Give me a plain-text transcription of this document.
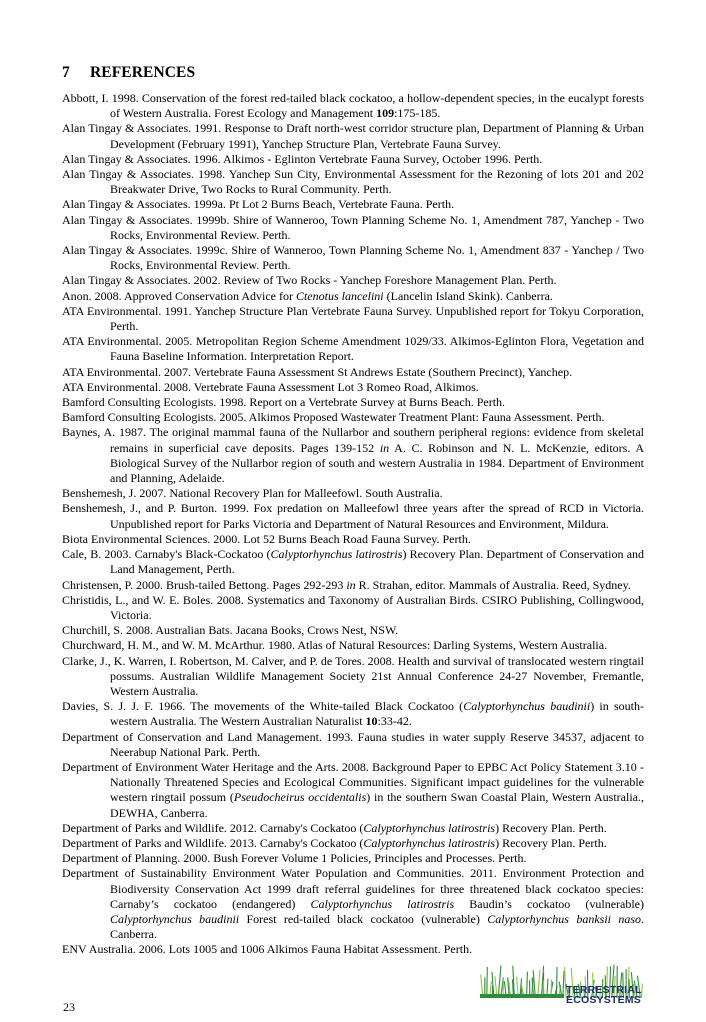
7 REFERENCES
Abbott, I. 1998. Conservation of the forest red-tailed black cockatoo, a hollow-dependent species, in the eucalypt forests of Western Australia. Forest Ecology and Management 109:175-185.
Alan Tingay & Associates. 1991. Response to Draft north-west corridor structure plan, Department of Planning & Urban Development (February 1991), Yanchep Structure Plan, Vertebrate Fauna Survey.
Alan Tingay & Associates. 1996. Alkimos - Eglinton Vertebrate Fauna Survey, October 1996. Perth.
Alan Tingay & Associates. 1998. Yanchep Sun City, Environmental Assessment for the Rezoning of lots 201 and 202 Breakwater Drive, Two Rocks to Rural Community. Perth.
Alan Tingay & Associates. 1999a. Pt Lot 2 Burns Beach, Vertebrate Fauna. Perth.
Alan Tingay & Associates. 1999b. Shire of Wanneroo, Town Planning Scheme No. 1, Amendment 787, Yanchep - Two Rocks, Environmental Review. Perth.
Alan Tingay & Associates. 1999c. Shire of Wanneroo, Town Planning Scheme No. 1, Amendment 837 - Yanchep / Two Rocks, Environmental Review. Perth.
Alan Tingay & Associates. 2002. Review of Two Rocks - Yanchep Foreshore Management Plan. Perth.
Anon. 2008. Approved Conservation Advice for Ctenotus lancelini (Lancelin Island Skink). Canberra.
ATA Environmental. 1991. Yanchep Structure Plan Vertebrate Fauna Survey. Unpublished report for Tokyu Corporation, Perth.
ATA Environmental. 2005. Metropolitan Region Scheme Amendment 1029/33. Alkimos-Eglinton Flora, Vegetation and Fauna Baseline Information. Interpretation Report.
ATA Environmental. 2007. Vertebrate Fauna Assessment St Andrews Estate (Southern Precinct), Yanchep.
ATA Environmental. 2008. Vertebrate Fauna Assessment Lot 3 Romeo Road, Alkimos.
Bamford Consulting Ecologists. 1998. Report on a Vertebrate Survey at Burns Beach. Perth.
Bamford Consulting Ecologists. 2005. Alkimos Proposed Wastewater Treatment Plant: Fauna Assessment. Perth.
Baynes, A. 1987. The original mammal fauna of the Nullarbor and southern peripheral regions: evidence from skeletal remains in superficial cave deposits. Pages 139-152 in A. C. Robinson and N. L. McKenzie, editors. A Biological Survey of the Nullarbor region of south and western Australia in 1984. Department of Environment and Planning, Adelaide.
Benshemesh, J. 2007. National Recovery Plan for Malleefowl. South Australia.
Benshemesh, J., and P. Burton. 1999. Fox predation on Malleefowl three years after the spread of RCD in Victoria. Unpublished report for Parks Victoria and Department of Natural Resources and Environment, Mildura.
Biota Environmental Sciences. 2000. Lot 52 Burns Beach Road Fauna Survey. Perth.
Cale, B. 2003. Carnaby's Black-Cockatoo (Calyptorhynchus latirostris) Recovery Plan. Department of Conservation and Land Management, Perth.
Christensen, P. 2000. Brush-tailed Bettong. Pages 292-293 in R. Strahan, editor. Mammals of Australia. Reed, Sydney.
Christidis, L., and W. E. Boles. 2008. Systematics and Taxonomy of Australian Birds. CSIRO Publishing, Collingwood, Victoria.
Churchill, S. 2008. Australian Bats. Jacana Books, Crows Nest, NSW.
Churchward, H. M., and W. M. McArthur. 1980. Atlas of Natural Resources: Darling Systems, Western Australia.
Clarke, J., K. Warren, I. Robertson, M. Calver, and P. de Tores. 2008. Health and survival of translocated western ringtail possums. Australian Wildlife Management Society 21st Annual Conference 24-27 November, Fremantle, Western Australia.
Davies, S. J. J. F. 1966. The movements of the White-tailed Black Cockatoo (Calyptorhynchus baudinii) in south-western Australia. The Western Australian Naturalist 10:33-42.
Department of Conservation and Land Management. 1993. Fauna studies in water supply Reserve 34537, adjacent to Neerabup National Park. Perth.
Department of Environment Water Heritage and the Arts. 2008. Background Paper to EPBC Act Policy Statement 3.10 - Nationally Threatened Species and Ecological Communities. Significant impact guidelines for the vulnerable western ringtail possum (Pseudocheirus occidentalis) in the southern Swan Coastal Plain, Western Australia., DEWHA, Canberra.
Department of Parks and Wildlife. 2012. Carnaby's Cockatoo (Calyptorhynchus latirostris) Recovery Plan. Perth.
Department of Parks and Wildlife. 2013. Carnaby's Cockatoo (Calyptorhynchus latirostris) Recovery Plan. Perth.
Department of Planning. 2000. Bush Forever Volume 1 Policies, Principles and Processes. Perth.
Department of Sustainability Environment Water Population and Communities. 2011. Environment Protection and Biodiversity Conservation Act 1999 draft referral guidelines for three threatened black cockatoo species: Carnaby’s cockatoo (endangered) Calyptorhynchus latirostris Baudin’s cockatoo (vulnerable) Calyptorhynchus baudinii Forest red-tailed black cockatoo (vulnerable) Calyptorhynchus banksii naso. Canberra.
ENV Australia. 2006. Lots 1005 and 1006 Alkimos Fauna Habitat Assessment. Perth.
23
TERRESTRIAL
ECOSYSTEMS
